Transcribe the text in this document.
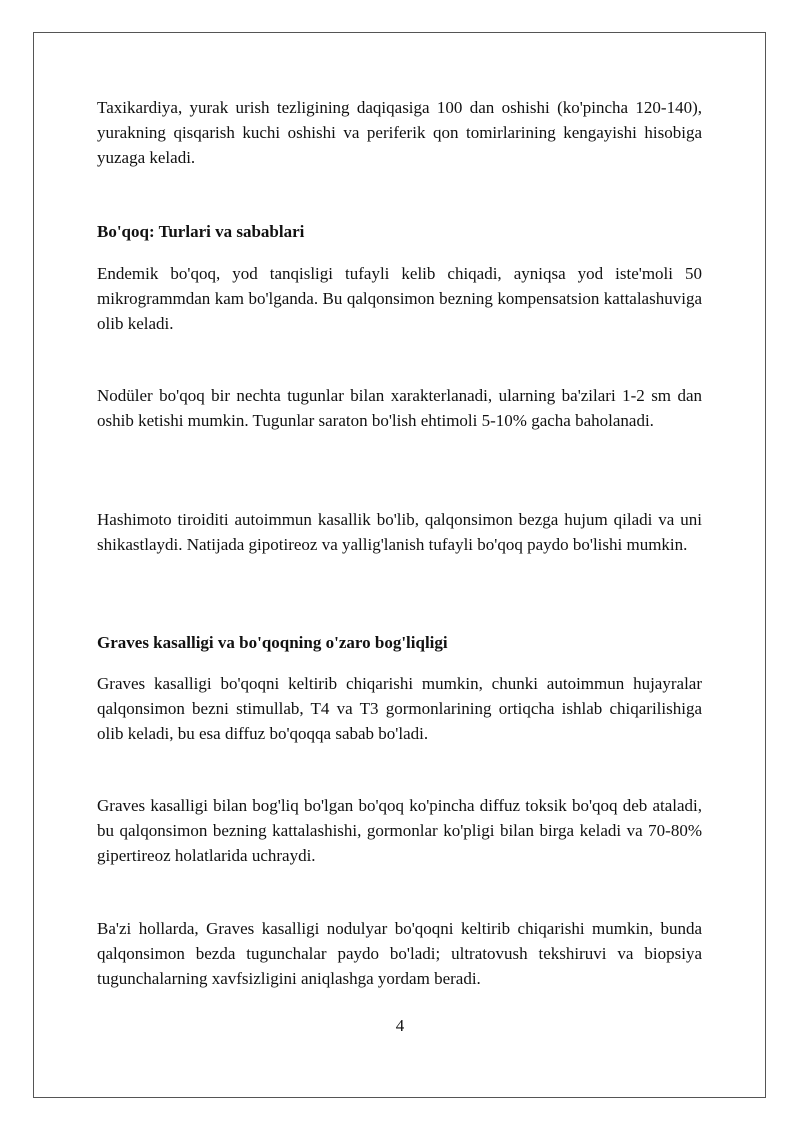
Taxikardiya, yurak urish tezligining daqiqasiga 100 dan oshishi (ko'pincha 120-140), yurakning qisqarish kuchi oshishi va periferik qon tomirlarining kengayishi hisobiga yuzaga keladi.

Bo'qoq: Turlari va sabablari

Endemik bo'qoq, yod tanqisligi tufayli kelib chiqadi, ayniqsa yod iste'moli 50 mikrogrammdan kam bo'lganda. Bu qalqonsimon bezning kompensatsion kattalashuviga olib keladi.

Nodüler bo'qoq bir nechta tugunlar bilan xarakterlanadi, ularning ba'zilari 1-2 sm dan oshib ketishi mumkin. Tugunlar saraton bo'lish ehtimoli 5-10% gacha baholanadi.

Hashimoto tiroiditi autoimmun kasallik bo'lib, qalqonsimon bezga hujum qiladi va uni shikastlaydi. Natijada gipotireoz va yallig'lanish tufayli bo'qoq paydo bo'lishi mumkin.

Graves kasalligi va bo'qoqning o'zaro bog'liqligi

Graves kasalligi bo'qoqni keltirib chiqarishi mumkin, chunki autoimmun hujayralar qalqonsimon bezni stimullab, T4 va T3 gormonlarining ortiqcha ishlab chiqarilishiga olib keladi, bu esa diffuz bo'qoqqa sabab bo'ladi.

Graves kasalligi bilan bog'liq bo'lgan bo'qoq ko'pincha diffuz toksik bo'qoq deb ataladi, bu qalqonsimon bezning kattalashishi, gormonlar ko'pligi bilan birga keladi va 70-80% gipertireoz holatlarida uchraydi.

Ba'zi hollarda, Graves kasalligi nodulyar bo'qoqni keltirib chiqarishi mumkin, bunda qalqonsimon bezda tugunchalar paydo bo'ladi; ultratovush tekshiruvi va biopsiya tugunchalarning xavfsizligini aniqlashga yordam beradi.

4
